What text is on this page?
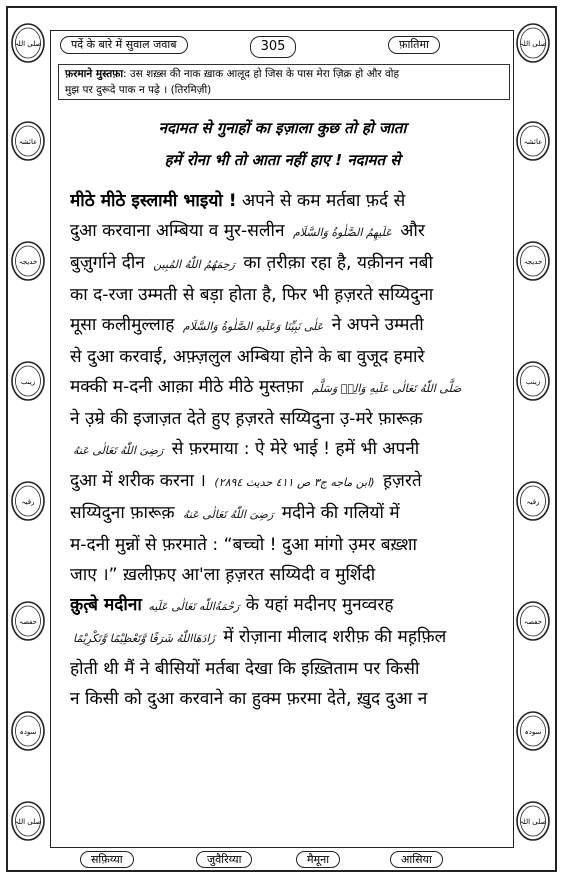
पर्दे के बारे में सुवाल जवाब	305	फ़ातिमा
फ़रमाने मुस्तफ़ा: उस शख़्स की नाक ख़ाक आलूद हो जिस के पास मेरा ज़िक्र हो और वोह
मुझ पर दुरूदे पाक न पढ़े । (तिरमिज़ी)
صلی اللہ	صلی اللہ
عائشہ	عائشہ
خدیجہ	خدیجہ
زینب	زینب
رقیہ	رقیہ
حفصہ	حفصہ
سودہ	سودہ
صلی اللہ	صلی اللہ
नदामत से गुनाहों का इज़ाला कुछ तो हो जाता
हमें रोना भी तो आता नहीं हाए ! नदामत से
मीठे मीठे इस्लामी भाइयो ! अपने से कम मर्तबा फ़र्द से
दुआ करवाना अम्बिया व मुर-सलीन عَلَيهِمُ الصَّلٰوةُ وَالسَّلَام और
बुज़ुर्गाने दीन رَحِمَهُمُ اللّٰهُ المُبِين का त़रीक़ा रहा है, यक़ीनन नबी
का द-रजा उम्मती से बड़ा होता है, फिर भी ह़ज़रते सय्यिदुना
मूसा कलीमुल्लाह عَلٰی نَبِیِّنَا وَعَلَیهِ الصَّلٰوةُ وَالسَّلَام ने अपने उम्मती
से दुआ करवाई, अफ़्ज़लुल अम्बिया होने के बा वुजूद हमारे
मक्की म-दनी आक़ा मीठे मीठे मुस्तफ़ा صَلَّی اللّٰهُ تَعَالٰی عَلَیهِ وَالِهٖ وَسَلَّم
ने उ़म्रे की इजाज़त देते हुए ह़ज़रते सय्यिदुना उ़-मरे फ़ारूक़
رَضِیَ اللّٰهُ تَعَالٰی عَنهُ से फ़रमाया : ऐ मेरे भाई ! हमें भी अपनी
दुआ में शरीक करना । (ابن ماجه ج٣ ص ٤١١ حديث ٢٨٩٤) ह़ज़रते
सय्यिदुना फ़ारूक़ رَضِیَ اللّٰهُ تَعَالٰی عَنهُ मदीने की गलियों में
म-दनी मुन्नों से फ़रमाते : “बच्चो ! दुआ मांगो उ़मर बख़्शा
जाए ।” ख़लीफ़ए आ'ला ह़ज़रत सय्यिदी व मुर्शिदी
क़ुत़्बे मदीना رَحْمَةُاللّٰه تَعَالٰی عَلَیه के यहां मदीनए मुनव्वरह
زَادَهَااللّٰهُ شَرَفًا وَّتَعْظِیْمًا وَّتَکْرِیْمًا में रोज़ाना मीलाद शरीफ़ की मह़फ़िल
होती थी मैं ने बीसियों मर्तबा देखा कि इख़्तिताम पर किसी
न किसी को दुआ करवाने का हुक्म फ़रमा देते, ख़ुद दुआ न
सफ़िय्या	जुवैरिय्या	मैमूना	आसिया
